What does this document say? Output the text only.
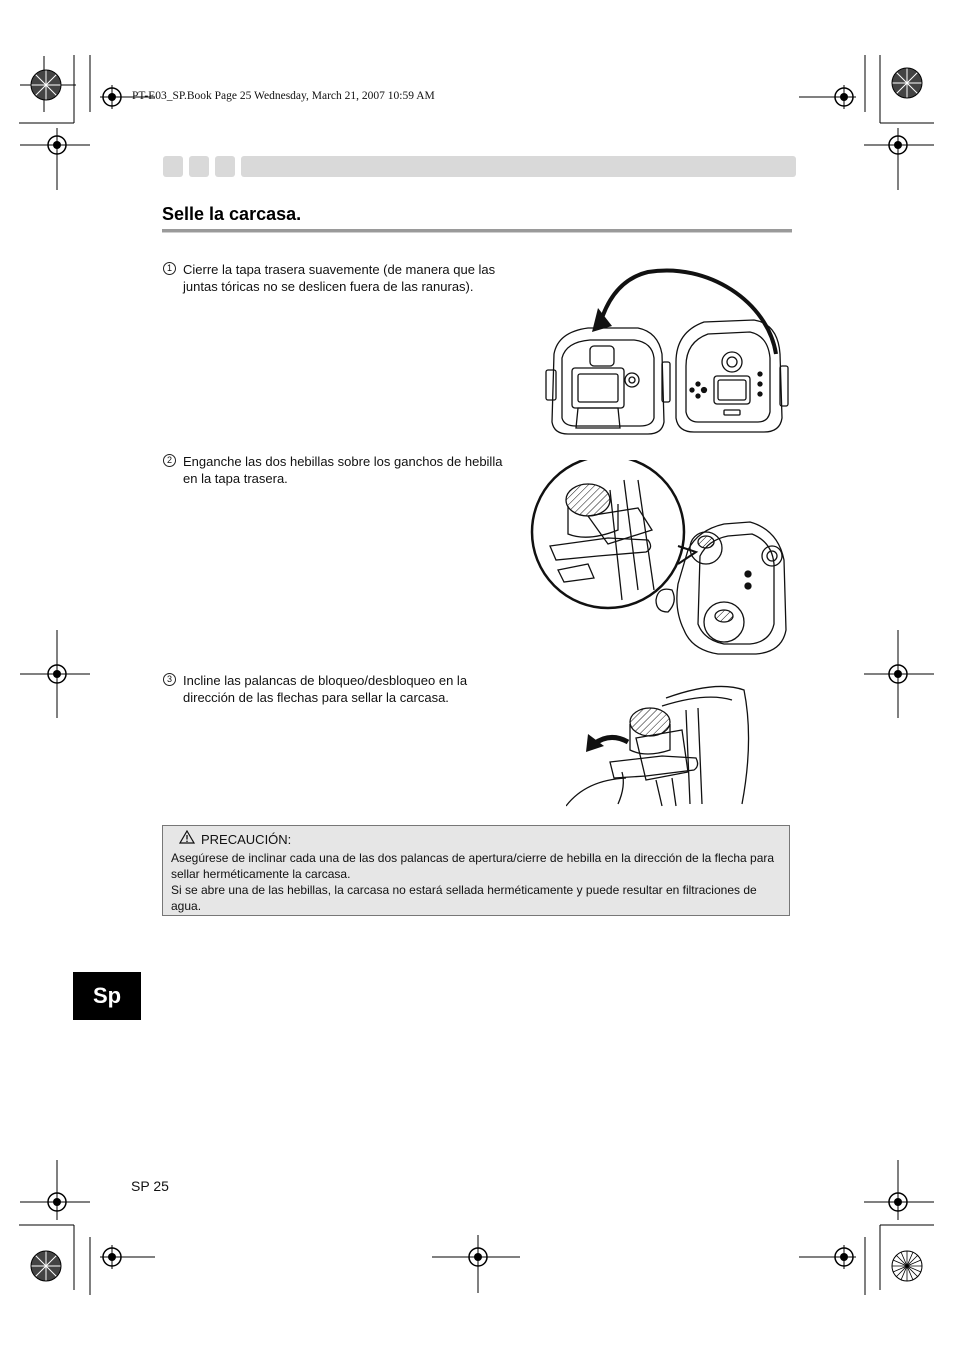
PT-E03_SP.Book Page 25 Wednesday, March 21, 2007 10:59 AM
Selle la carcasa.
1 Cierre la tapa trasera suavemente (de manera que las juntas tóricas no se deslicen fuera de las ranuras).
2 Enganche las dos hebillas sobre los ganchos de hebilla en la tapa trasera.
3 Incline las palancas de bloqueo/desbloqueo en la dirección de las flechas para sellar la carcasa.
PRECAUCIÓN:
Asegúrese de inclinar cada una de las dos palancas de apertura/cierre de hebilla en la dirección de la flecha para sellar herméticamente la carcasa.
Si se abre una de las hebillas, la carcasa no estará sellada herméticamente y puede resultar en filtraciones de agua.
Sp
SP 25
